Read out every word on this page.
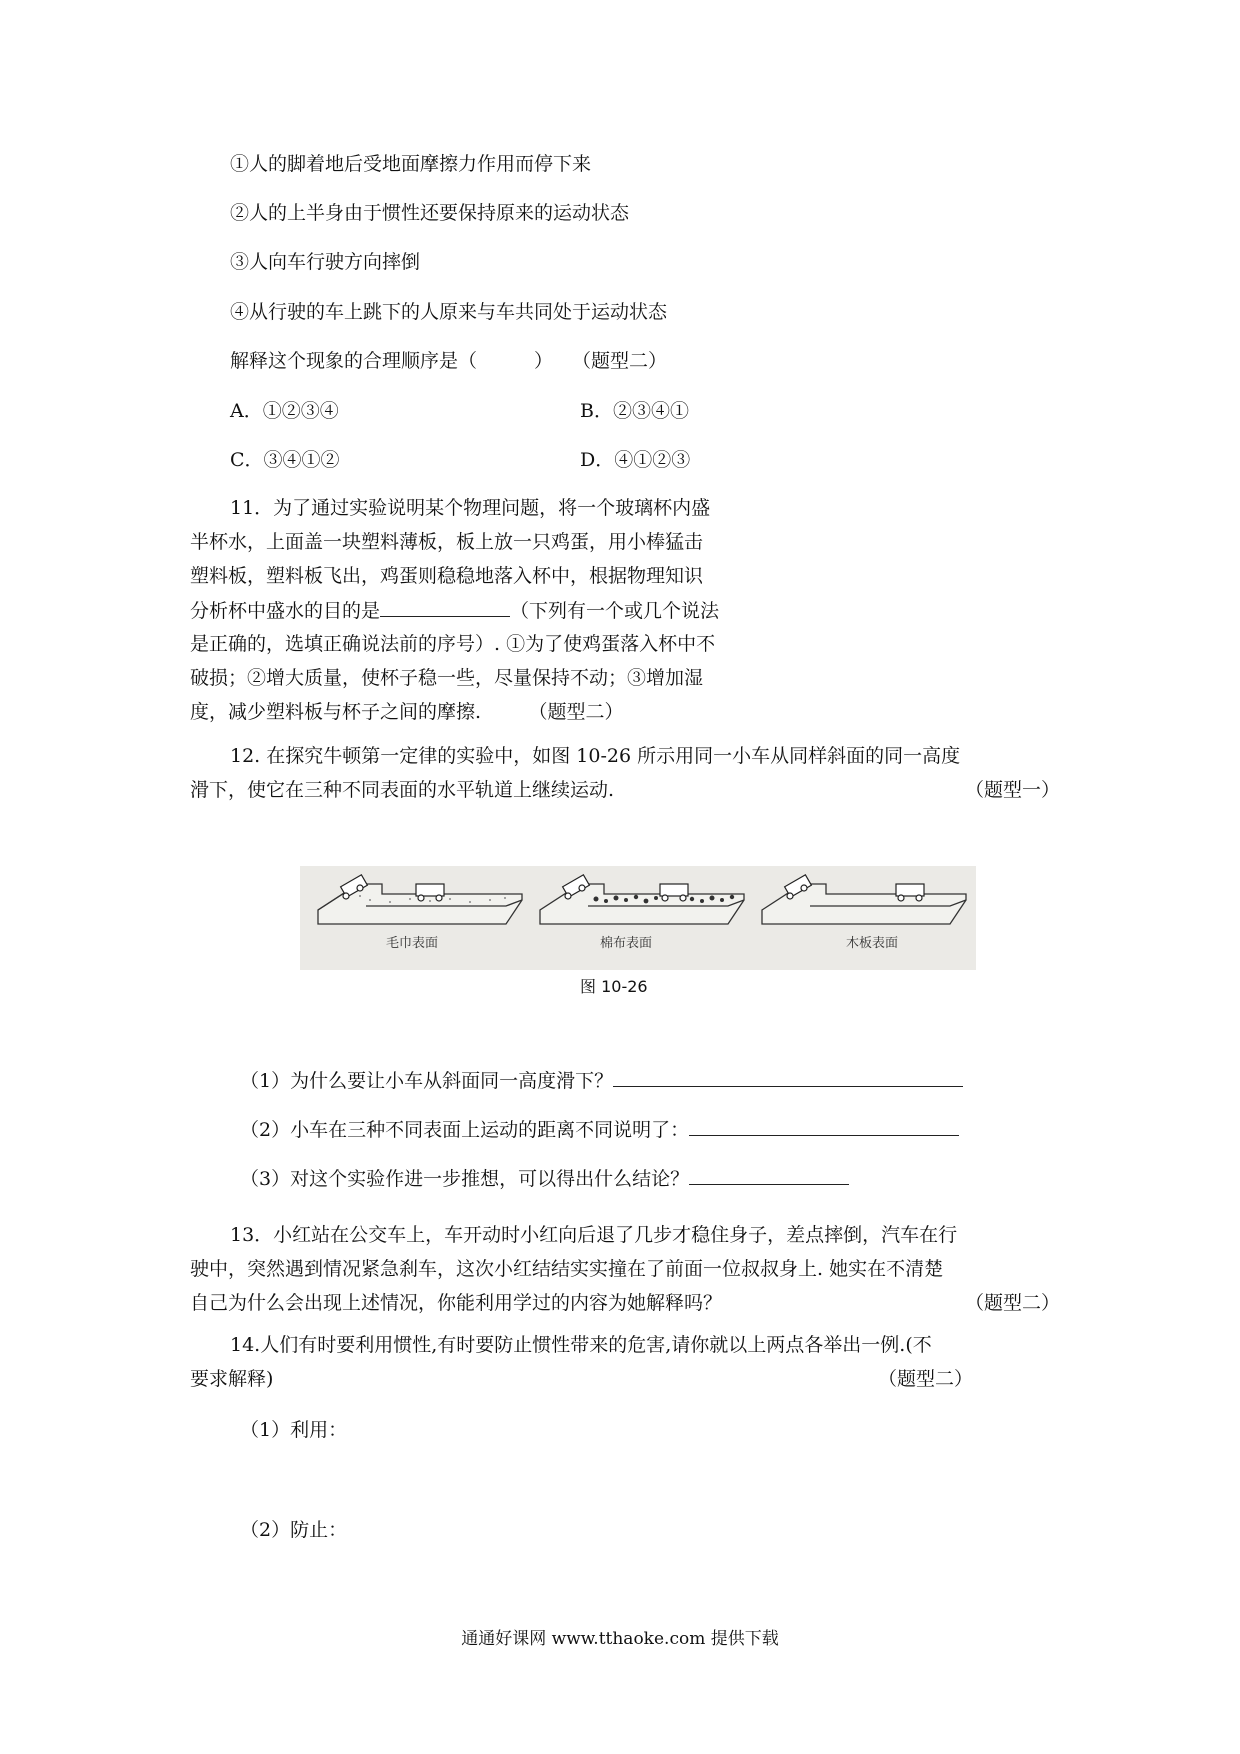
①人的脚着地后受地面摩擦力作用而停下来
②人的上半身由于惯性还要保持原来的运动状态
③人向车行驶方向摔倒
④从行驶的车上跳下的人原来与车共同处于运动状态
解释这个现象的合理顺序是（　　　）　　（题型二）
A．①②③④	B．②③④①
C．③④①②	D．④①②③
11．为了通过实验说明某个物理问题，将一个玻璃杯内盛
半杯水，上面盖一块塑料薄板，板上放一只鸡蛋，用小棒猛击
塑料板，塑料板飞出，鸡蛋则稳稳地落入杯中，根据物理知识
分析杯中盛水的目的是	（下列有一个或几个说法
是正确的，选填正确说法前的序号）. ①为了使鸡蛋落入杯中不
破损；②增大质量，使杯子稳一些，尽量保持不动；③增加湿
度，减少塑料板与杯子之间的摩擦.　　　（题型二）
12. 在探究牛顿第一定律的实验中，如图 10-26 所示用同一小车从同样斜面的同一高度
滑下，使它在三种不同表面的水平轨道上继续运动.	（题型一）
毛巾表面	棉布表面	木板表面
图 10-26
（1）为什么要让小车从斜面同一高度滑下？
（2）小车在三种不同表面上运动的距离不同说明了：
（3）对这个实验作进一步推想，可以得出什么结论？
13．小红站在公交车上，车开动时小红向后退了几步才稳住身子，差点摔倒，汽车在行
驶中，突然遇到情况紧急刹车，这次小红结结实实撞在了前面一位叔叔身上. 她实在不清楚
自己为什么会出现上述情况，你能利用学过的内容为她解释吗？	（题型二）
14.人们有时要利用惯性,有时要防止惯性带来的危害,请你就以上两点各举出一例.(不
要求解释)	（题型二）
（1）利用：
（2）防止：
通通好课网 www.tthaoke.com 提供下载
